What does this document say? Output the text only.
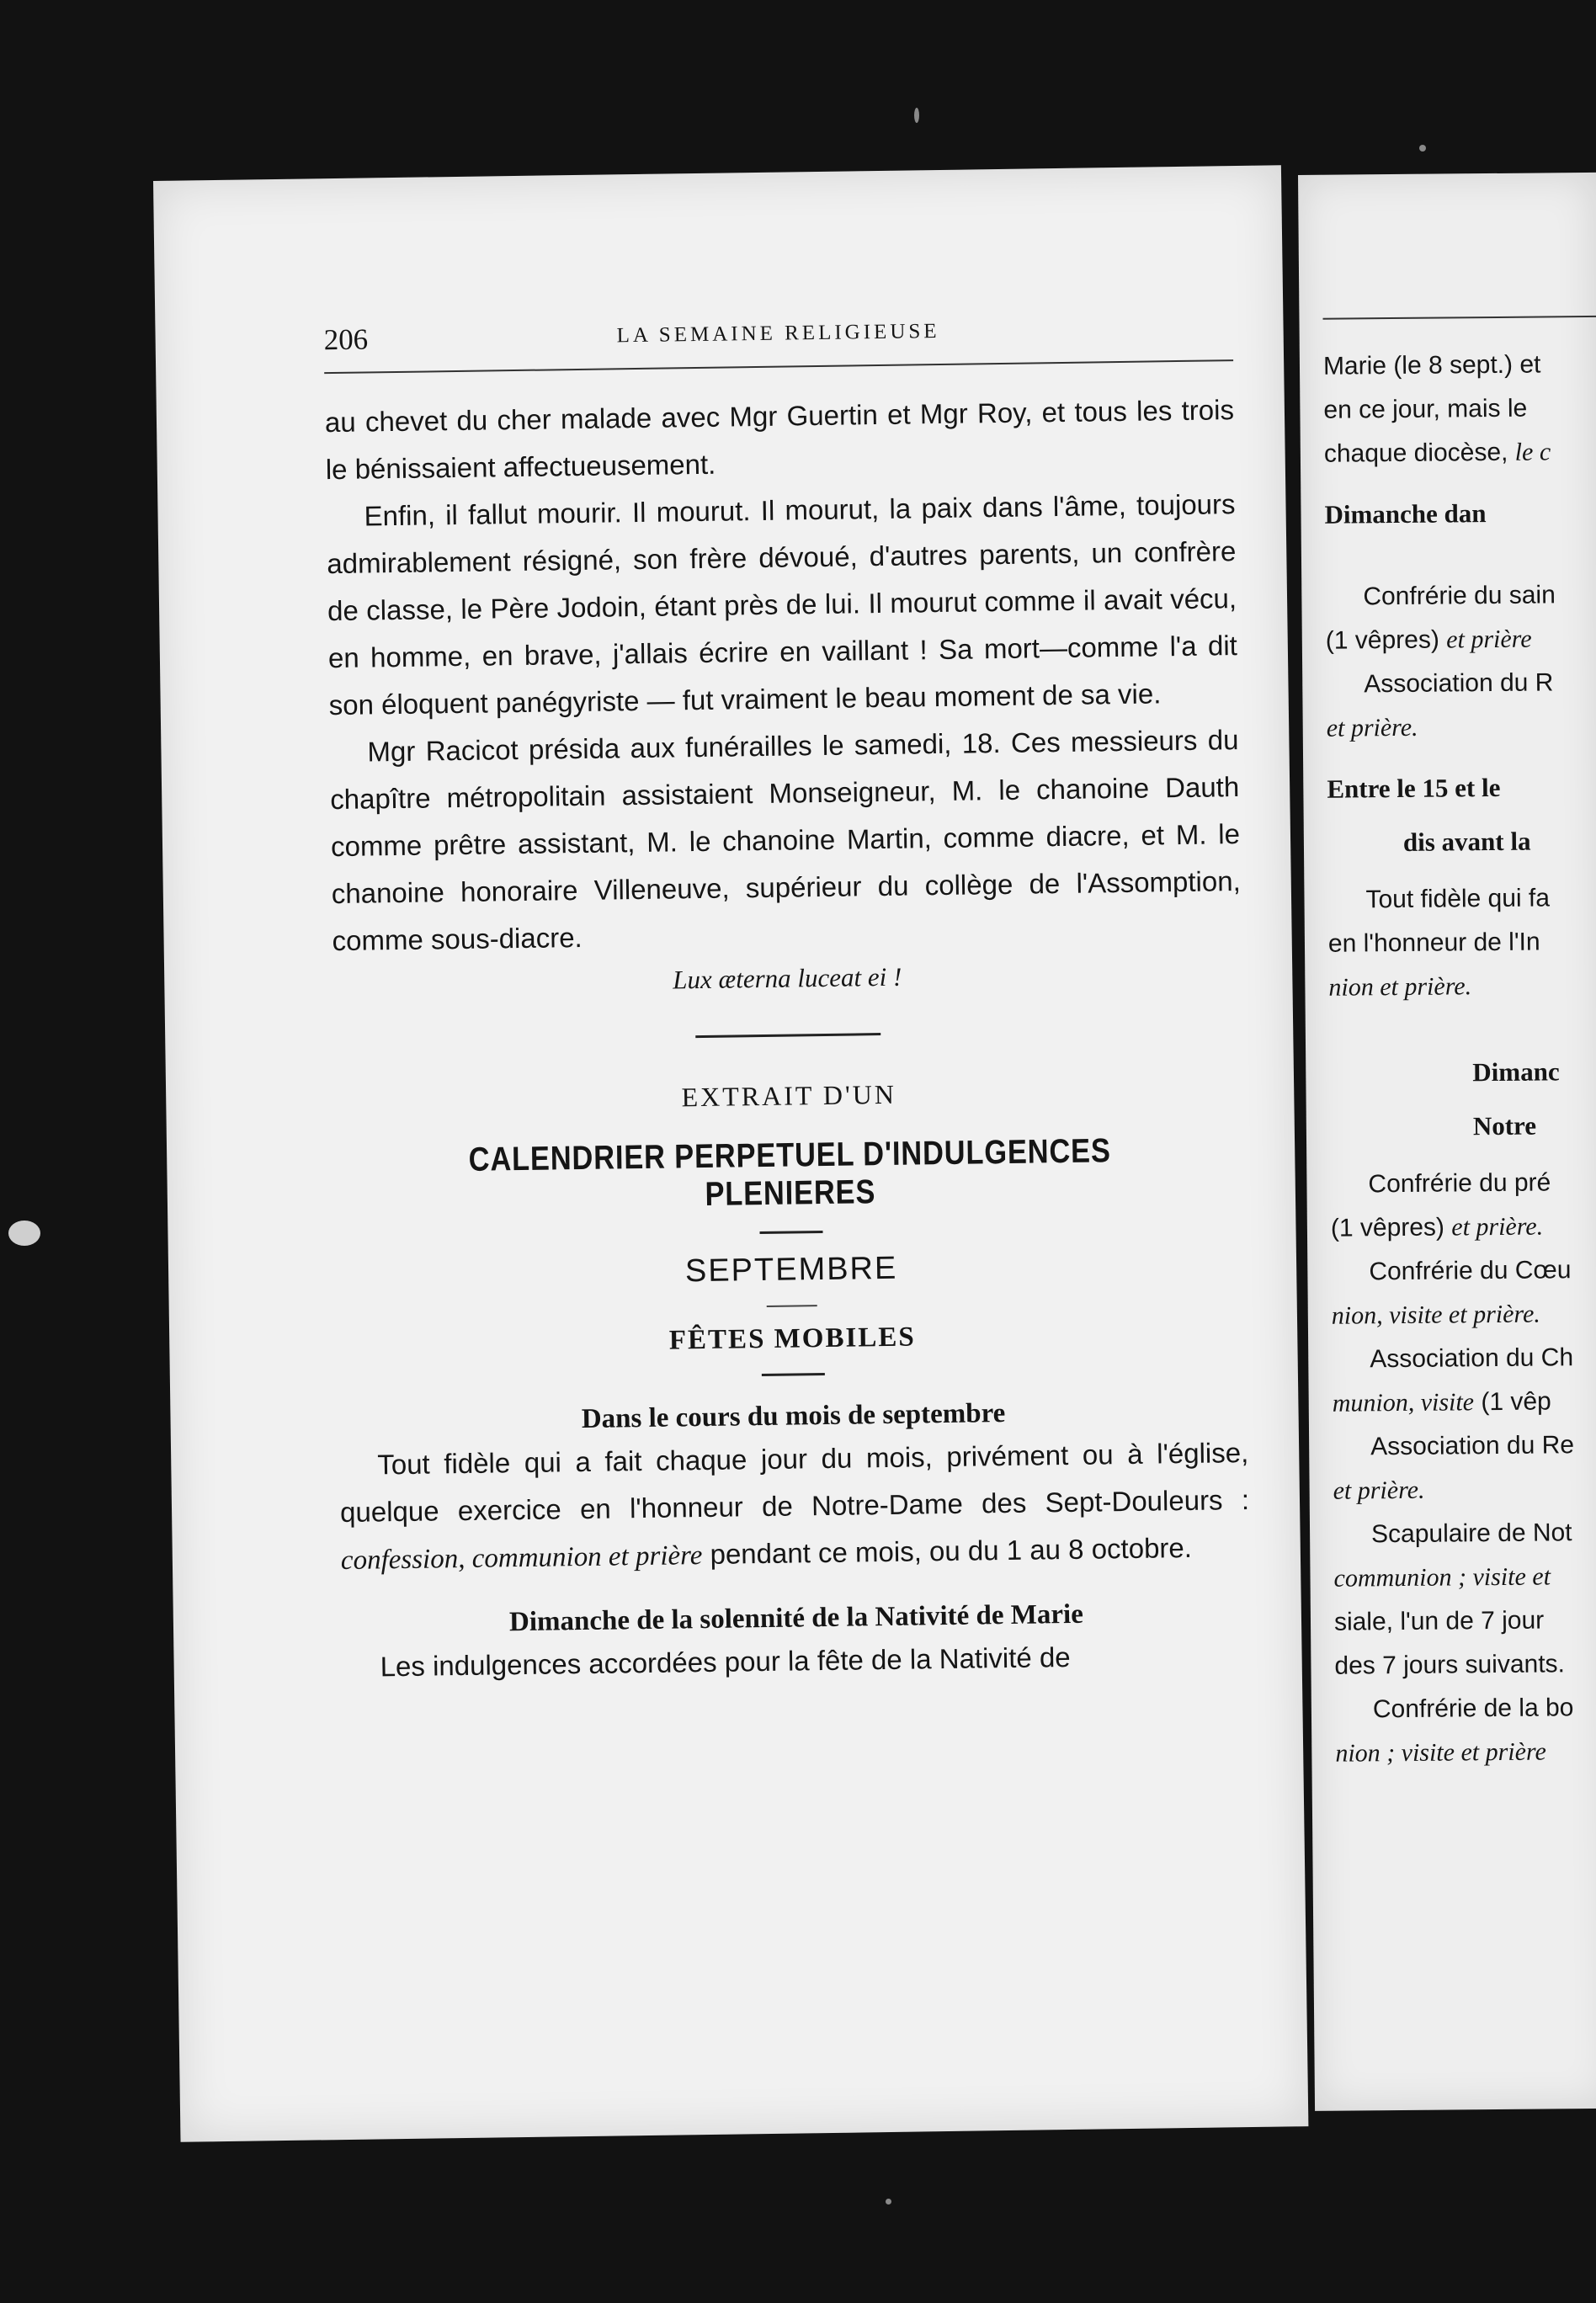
206	LA SEMAINE RELIGIEUSE

au chevet du cher malade avec Mgr Guertin et Mgr Roy, et tous les trois le bénissaient affectueusement.

Enfin, il fallut mourir. Il mourut. Il mourut, la paix dans l'âme, toujours admirablement résigné, son frère dévoué, d'autres parents, un confrère de classe, le Père Jodoin, étant près de lui. Il mourut comme il avait vécu, en homme, en brave, j'allais écrire en vaillant ! Sa mort—comme l'a dit son éloquent panégyriste — fut vraiment le beau moment de sa vie.

Mgr Racicot présida aux funérailles le samedi, 18. Ces messieurs du chapître métropolitain assistaient Monseigneur, M. le chanoine Dauth comme prêtre assistant, M. le chanoine Martin, comme diacre, et M. le chanoine honoraire Villeneuve, supérieur du collège de l'Assomption, comme sous-diacre.

Lux æterna luceat ei !

EXTRAIT D'UN

CALENDRIER PERPETUEL D'INDULGENCES PLENIERES

SEPTEMBRE

FÊTES MOBILES

Dans le cours du mois de septembre

Tout fidèle qui a fait chaque jour du mois, privément ou à l'église, quelque exercice en l'honneur de Notre-Dame des Sept-Douleurs : confession, communion et prière pendant ce mois, ou du 1 au 8 octobre.

Dimanche de la solennité de la Nativité de Marie

Les indulgences accordées pour la fête de la Nativité de

Marie (le 8 sept.) et

en ce jour, mais le

chaque diocèse, le c

Dimanche dan

Confrérie du sain

(1 vêpres) et prière

Association du R

et prière.

Entre le 15 et le

dis avant la

Tout fidèle qui fa

en l'honneur de l'In

nion et prière.

Dimanc

Notre

Confrérie du pré

(1 vêpres) et prière.

Confrérie du Cœu

nion, visite et prière.

Association du Ch

munion, visite (1 vêp

Association du Re

et prière.

Scapulaire de Not

communion ; visite et

siale, l'un de 7 jour

des 7 jours suivants.

Confrérie de la bo

nion ; visite et prière
